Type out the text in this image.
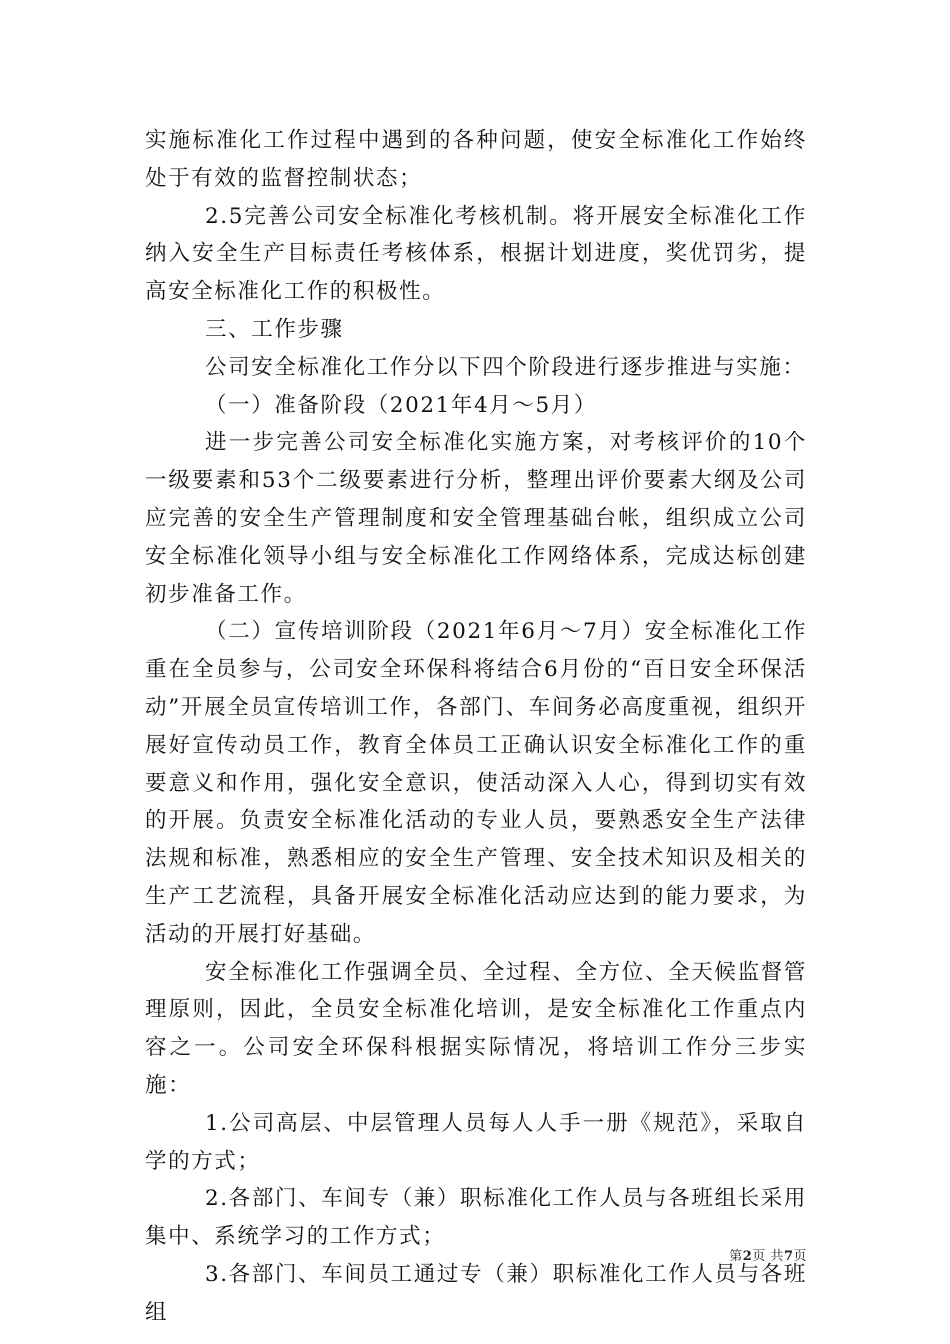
实施标准化工作过程中遇到的各种问题，使安全标准化工作始终处于有效的监督控制状态；

2.5完善公司安全标准化考核机制。将开展安全标准化工作纳入安全生产目标责任考核体系，根据计划进度，奖优罚劣，提高安全标准化工作的积极性。

三、工作步骤

公司安全标准化工作分以下四个阶段进行逐步推进与实施：

（一）准备阶段（2021年4月～5月）

进一步完善公司安全标准化实施方案，对考核评价的10个一级要素和53个二级要素进行分析，整理出评价要素大纲及公司应完善的安全生产管理制度和安全管理基础台帐，组织成立公司安全标准化领导小组与安全标准化工作网络体系，完成达标创建初步准备工作。

（二）宣传培训阶段（2021年6月～7月）安全标准化工作重在全员参与，公司安全环保科将结合6月份的“百日安全环保活动”开展全员宣传培训工作，各部门、车间务必高度重视，组织开展好宣传动员工作，教育全体员工正确认识安全标准化工作的重要意义和作用，强化安全意识，使活动深入人心，得到切实有效的开展。负责安全标准化活动的专业人员，要熟悉安全生产法律法规和标准，熟悉相应的安全生产管理、安全技术知识及相关的生产工艺流程，具备开展安全标准化活动应达到的能力要求，为活动的开展打好基础。

安全标准化工作强调全员、全过程、全方位、全天候监督管理原则，因此，全员安全标准化培训，是安全标准化工作重点内容之一。公司安全环保科根据实际情况，将培训工作分三步实施：

1.公司高层、中层管理人员每人人手一册《规范》，采取自学的方式；

2.各部门、车间专（兼）职标准化工作人员与各班组长采用集中、系统学习的工作方式；

3.各部门、车间员工通过专（兼）职标准化工作人员与各班组

第2页 共7页
